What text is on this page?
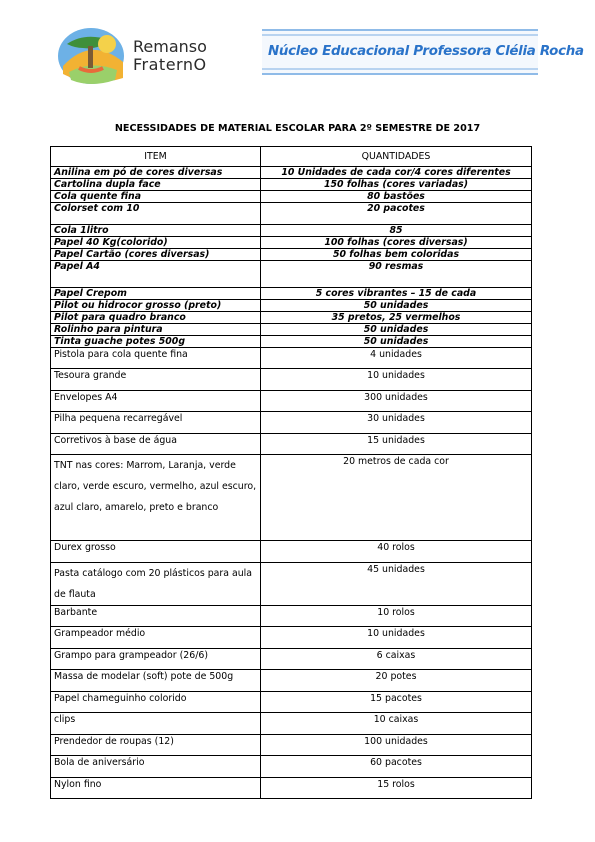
Remanso
FraternO
Núcleo Educacional Professora Clélia Rocha
NECESSIDADES DE MATERIAL ESCOLAR PARA 2º SEMESTRE DE 2017
ITEM	QUANTIDADES
Anilina em pó de cores diversas	10 Unidades de cada cor/4 cores diferentes
Cartolina dupla face	150 folhas (cores variadas)
Cola quente fina	80 bastões
Colorset com 10	20 pacotes
Cola 1litro	85
Papel 40 Kg(colorido)	100 folhas (cores diversas)
Papel Cartão (cores diversas)	50 folhas bem coloridas
Papel A4	90 resmas
Papel Crepom	5 cores vibrantes – 15 de cada
Pilot ou hidrocor grosso (preto)	50 unidades
Pilot para quadro branco	35 pretos, 25 vermelhos
Rolinho para pintura	50 unidades
Tinta guache potes 500g	50 unidades
Pistola para cola quente fina	4 unidades
Tesoura grande	10 unidades
Envelopes A4	300 unidades
Pilha pequena recarregável	30 unidades
Corretivos à base de água	15 unidades
TNT nas cores: Marrom, Laranja, verde claro, verde escuro, vermelho, azul escuro, azul claro, amarelo, preto e branco	20 metros de cada cor
Durex grosso	40 rolos
Pasta catálogo com 20 plásticos para aula de flauta	45 unidades
Barbante	10 rolos
Grampeador médio	10 unidades
Grampo para grampeador (26/6)	6 caixas
Massa de modelar (soft) pote de 500g	20 potes
Papel chameguinho colorido	15 pacotes
clips	10 caixas
Prendedor de roupas (12)	100 unidades
Bola de aniversário	60 pacotes
Nylon fino	15 rolos
